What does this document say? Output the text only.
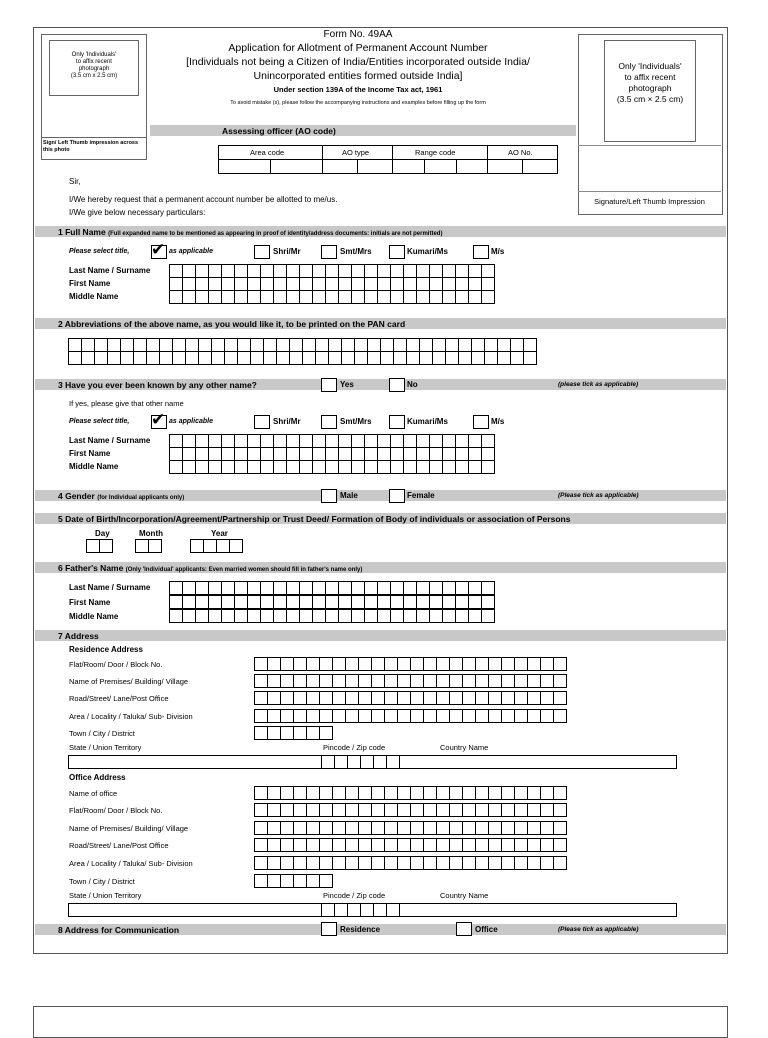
Only 'Individuals'
to affix recent
photograph
(3.5 cm x 2.5 cm)
Sign/ Left Thumb impression across this photo
Form No. 49AA
Application for Allotment of Permanent Account Number
[Individuals not being a Citizen of India/Entities incorporated outside India/
Unincorporated entities formed outside India]
Under section 139A of the Income Tax act, 1961
To avoid mistake (s), please follow the accompanying instructions and examples before filling up the form
Only 'Individuals'
to affix recent
photograph
(3.5 cm × 2.5 cm)
Signature/Left Thumb Impression
Assessing officer (AO code)
Area code	AO type	Range code	AO No.
Sir,
I/We hereby request that a permanent account number be allotted to me/us.
I/We give below necessary particulars:
1 Full Name (Full expanded name to be mentioned as appearing in proof of identity/address documents: initials are not permitted)
Please select title, ✔ as applicable	Shri/Mr	Smt/Mrs	Kumari/Ms	M/s
Last Name / Surname
First Name
Middle Name
2 Abbreviations of the above name, as you would like it, to be printed on the PAN card
3 Have you ever been known by any other name?	Yes	No	(please tick as applicable)
If yes, please give that other name
Please select title, ✔ as applicable	Shri/Mr	Smt/Mrs	Kumari/Ms	M/s
Last Name / Surname
First Name
Middle Name
4 Gender (for Individual applicants only)	Male	Female	(Please tick as applicable)
5 Date of Birth/Incorporation/Agreement/Partnership or Trust Deed/ Formation of Body of individuals or association of Persons
Day	Month	Year
6 Father's Name (Only 'Individual' applicants: Even married women should fill in father's name only)
Last Name / Surname
First Name
Middle Name
7 Address
Residence Address
Flat/Room/ Door / Block No.
Name of Premises/ Building/ Village
Road/Street/ Lane/Post Office
Area / Locality / Taluka/ Sub- Division
Town / City / District
State / Union Territory	Pincode / Zip code	Country Name
Office Address
Name of office
Flat/Room/ Door / Block No.
Name of Premises/ Building/ Village
Road/Street/ Lane/Post Office
Area / Locality / Taluka/ Sub- Division
Town / City / District
State / Union Territory	Pincode / Zip code	Country Name
8 Address for Communication	Residence	Office	(Please tick as applicable)
